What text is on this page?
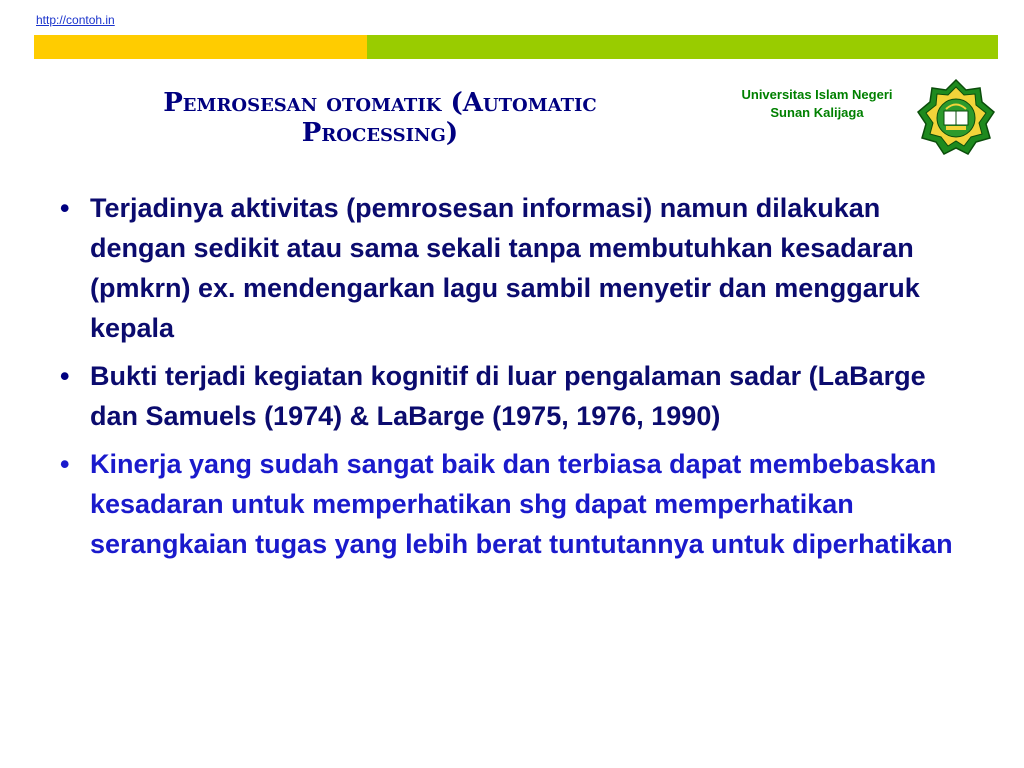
http://contoh.in
Pemrosesan otomatik (Automatic
Processing)
Universitas Islam Negeri
Sunan Kalijaga
• Terjadinya aktivitas (pemrosesan informasi) namun dilakukan dengan sedikit atau sama sekali tanpa membutuhkan kesadaran (pmkrn) ex. mendengarkan lagu sambil menyetir dan menggaruk kepala
• Bukti terjadi kegiatan kognitif di luar pengalaman sadar (LaBarge dan Samuels (1974) & LaBarge (1975, 1976, 1990)
• Kinerja yang sudah sangat baik dan terbiasa dapat membebaskan kesadaran untuk memperhatikan shg dapat memperhatikan serangkaian tugas yang lebih berat tuntutannya untuk diperhatikan
